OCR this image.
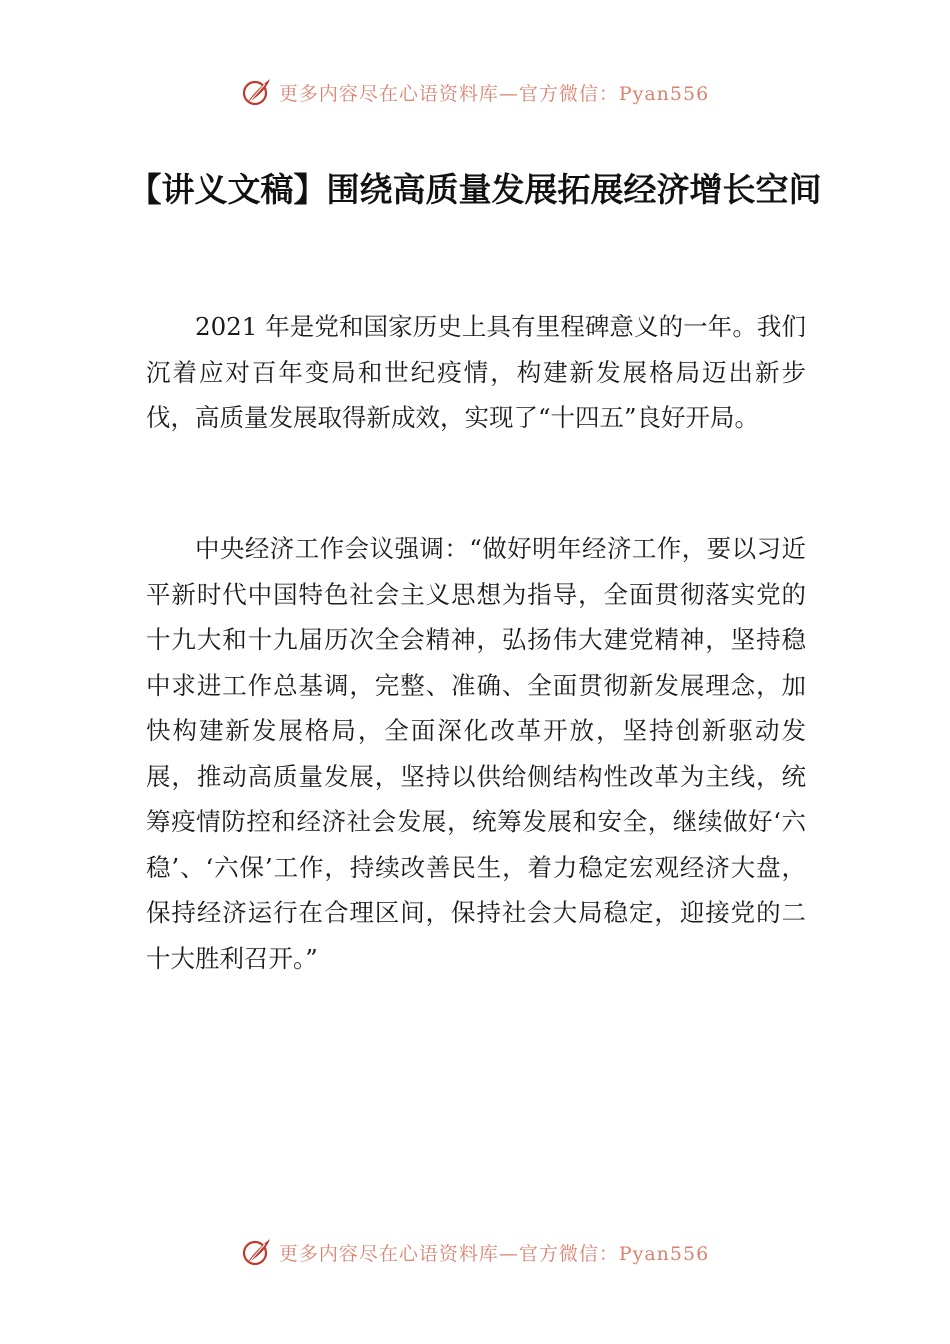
更多内容尽在心语资料库—官方微信：Pyan556
【讲义文稿】围绕高质量发展拓展经济增长空间

2021 年是党和国家历史上具有里程碑意义的一年。我们沉着应对百年变局和世纪疫情，构建新发展格局迈出新步伐，高质量发展取得新成效，实现了“十四五”良好开局。

中央经济工作会议强调：“做好明年经济工作，要以习近平新时代中国特色社会主义思想为指导，全面贯彻落实党的十九大和十九届历次全会精神，弘扬伟大建党精神，坚持稳中求进工作总基调，完整、准确、全面贯彻新发展理念，加快构建新发展格局，全面深化改革开放，坚持创新驱动发展，推动高质量发展，坚持以供给侧结构性改革为主线，统筹疫情防控和经济社会发展，统筹发展和安全，继续做好‘六稳’、‘六保’工作，持续改善民生，着力稳定宏观经济大盘，保持经济运行在合理区间，保持社会大局稳定，迎接党的二十大胜利召开。”

更多内容尽在心语资料库—官方微信：Pyan556
